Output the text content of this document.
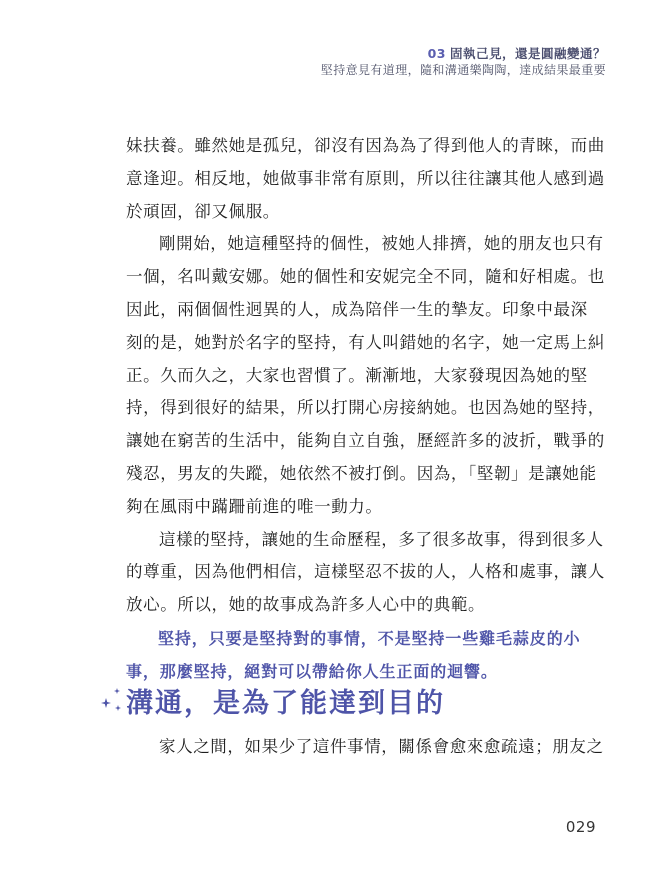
03 固執己見，還是圓融變通？
堅持意見有道理，隨和溝通樂陶陶，達成結果最重要

妹扶養。雖然她是孤兒，卻沒有因為為了得到他人的青睞，而曲
意逢迎。相反地，她做事非常有原則，所以往往讓其他人感到過
於頑固，卻又佩服。

剛開始，她這種堅持的個性，被她人排擠，她的朋友也只有
一個，名叫戴安娜。她的個性和安妮完全不同，隨和好相處。也
因此，兩個個性迥異的人，成為陪伴一生的摯友。印象中最深
刻的是，她對於名字的堅持，有人叫錯她的名字，她一定馬上糾
正。久而久之，大家也習慣了。漸漸地，大家發現因為她的堅
持，得到很好的結果，所以打開心房接納她。也因為她的堅持，
讓她在窮苦的生活中，能夠自立自強，歷經許多的波折，戰爭的
殘忍，男友的失蹤，她依然不被打倒。因為，「堅韌」是讓她能
夠在風雨中蹣跚前進的唯一動力。

這樣的堅持，讓她的生命歷程，多了很多故事，得到很多人
的尊重，因為他們相信，這樣堅忍不拔的人，人格和處事，讓人
放心。所以，她的故事成為許多人心中的典範。

堅持，只要是堅持對的事情，不是堅持一些雞毛蒜皮的小
事，那麼堅持，絕對可以帶給你人生正面的迴響。

溝通，是為了能達到目的

家人之間，如果少了這件事情，關係會愈來愈疏遠；朋友之

029
